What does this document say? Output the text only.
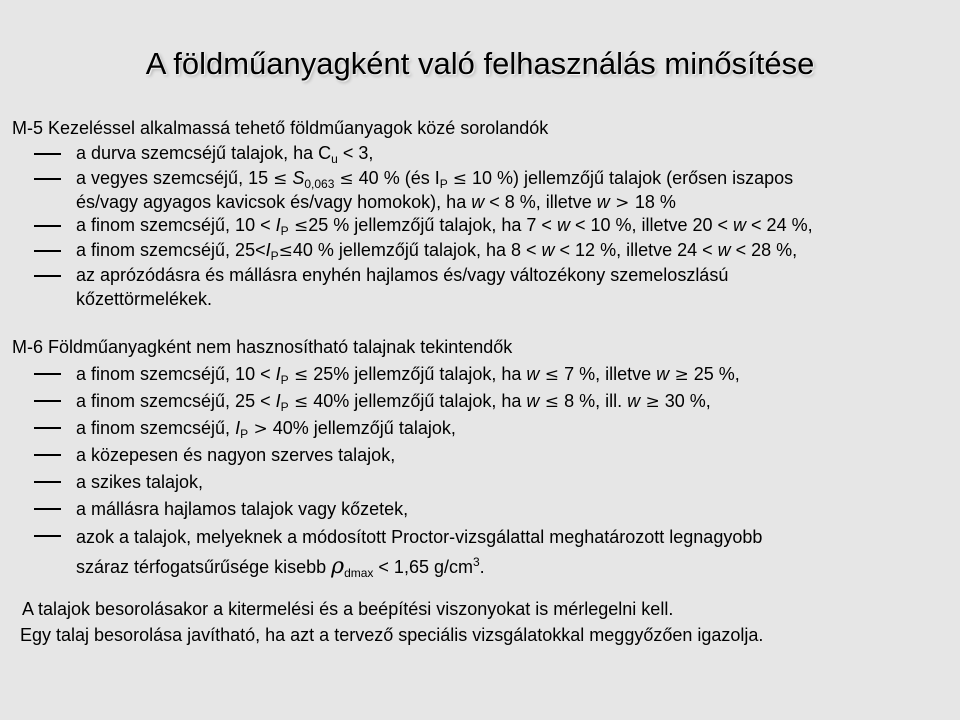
A földműanyagként való felhasználás minősítése
M-5 Kezeléssel alkalmassá tehető földműanyagok közé sorolandók
a durva szemcséjű talajok, ha $C_u < 3$,
a vegyes szemcséjű, $15 \le S_{0,063} \le 40$ % (és $I_P \le 10$ %) jellemzőjű talajok (erősen iszapos
és/vagy agyagos kavicsok és/vagy homokok), ha w < 8 %, illetve w > 18 %
a finom szemcséjű, $10 < I_P \le 25$ % jellemzőjű talajok, ha 7 < w < 10 %, illetve 20 < w < 24 %,
a finom szemcséjű, $25<I_P\le 40$ % jellemzőjű talajok, ha 8 < w < 12 %, illetve 24 < w < 28 %,
az aprózódásra és mállásra enyhén hajlamos és/vagy változékony szemeloszlású
kőzettörmelékek.
M-6 Földműanyagként nem hasznosítható talajnak tekintendők
a finom szemcséjű, $10 < I_P \le 25\%$ jellemzőjű talajok, ha w ≤ 7 %, illetve w ≥ 25 %,
a finom szemcséjű, $25 < I_P \le 40\%$ jellemzőjű talajok, ha w ≤ 8 %, ill. w ≥ 30 %,
a finom szemcséjű, $I_P > 40\%$ jellemzőjű talajok,
a közepesen és nagyon szerves talajok,
a szikes talajok,
a mállásra hajlamos talajok vagy kőzetek,
azok a talajok, melyeknek a módosított Proctor-vizsgálattal meghatározott legnagyobb
száraz térfogatsűrűsége kisebb $\rho_{dmax} < 1,65$ $g/cm^3$.
A talajok besorolásakor a kitermelési és a beépítési viszonyokat is mérlegelni kell.
Egy talaj besorolása javítható, ha azt a tervező speciális vizsgálatokkal meggyőzően igazolja.
